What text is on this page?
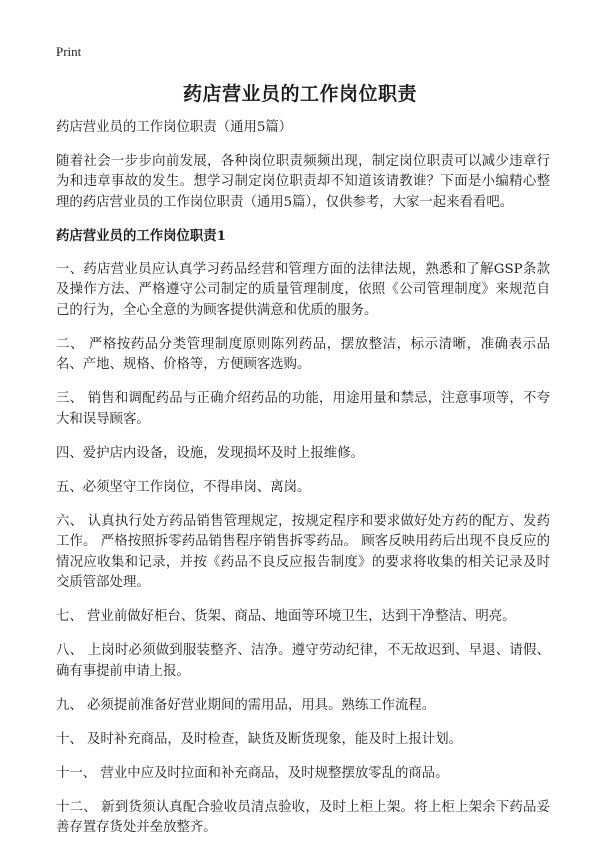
Print
药店营业员的工作岗位职责

药店营业员的工作岗位职责（通用5篇）

随着社会一步步向前发展，各种岗位职责频频出现，制定岗位职责可以减少违章行为和违章事故的发生。想学习制定岗位职责却不知道该请教谁？下面是小编精心整理的药店营业员的工作岗位职责（通用5篇），仅供参考，大家一起来看看吧。

药店营业员的工作岗位职责1

一、药店营业员应认真学习药品经营和管理方面的法律法规，熟悉和了解GSP条款及操作方法、严格遵守公司制定的质量管理制度，依照《公司管理制度》来规范自己的行为，全心全意的为顾客提供满意和优质的服务。

二、 严格按药品分类管理制度原则陈列药品，摆放整洁，标示清晰，准确表示品名、产地、规格、价格等，方便顾客选购。

三、 销售和调配药品与正确介绍药品的功能，用途用量和禁忌，注意事项等，不夸大和误导顾客。

四、爱护店内设备，设施，发现损坏及时上报维修。

五、必须坚守工作岗位，不得串岗、离岗。

六、 认真执行处方药品销售管理规定，按规定程序和要求做好处方药的配方、发药工作。 严格按照拆零药品销售程序销售拆零药品。 顾客反映用药后出现不良反应的情况应收集和记录，并按《药品不良反应报告制度》的要求将收集的相关记录及时交质管部处理。

七、 营业前做好柜台、货架、商品、地面等环境卫生，达到干净整洁、明亮。

八、 上岗时必须做到服装整齐、洁净。遵守劳动纪律，不无故迟到、早退、请假、确有事提前申请上报。

九、 必须提前准备好营业期间的需用品，用具。熟练工作流程。

十、 及时补充商品，及时检查，缺货及断货现象，能及时上报计划。

十一、 营业中应及时拉面和补充商品，及时规整摆放零乱的商品。

十二、 新到货须认真配合验收员清点验收，及时上柜上架。将上柜上架余下药品妥善存置存货处并垒放整齐。
